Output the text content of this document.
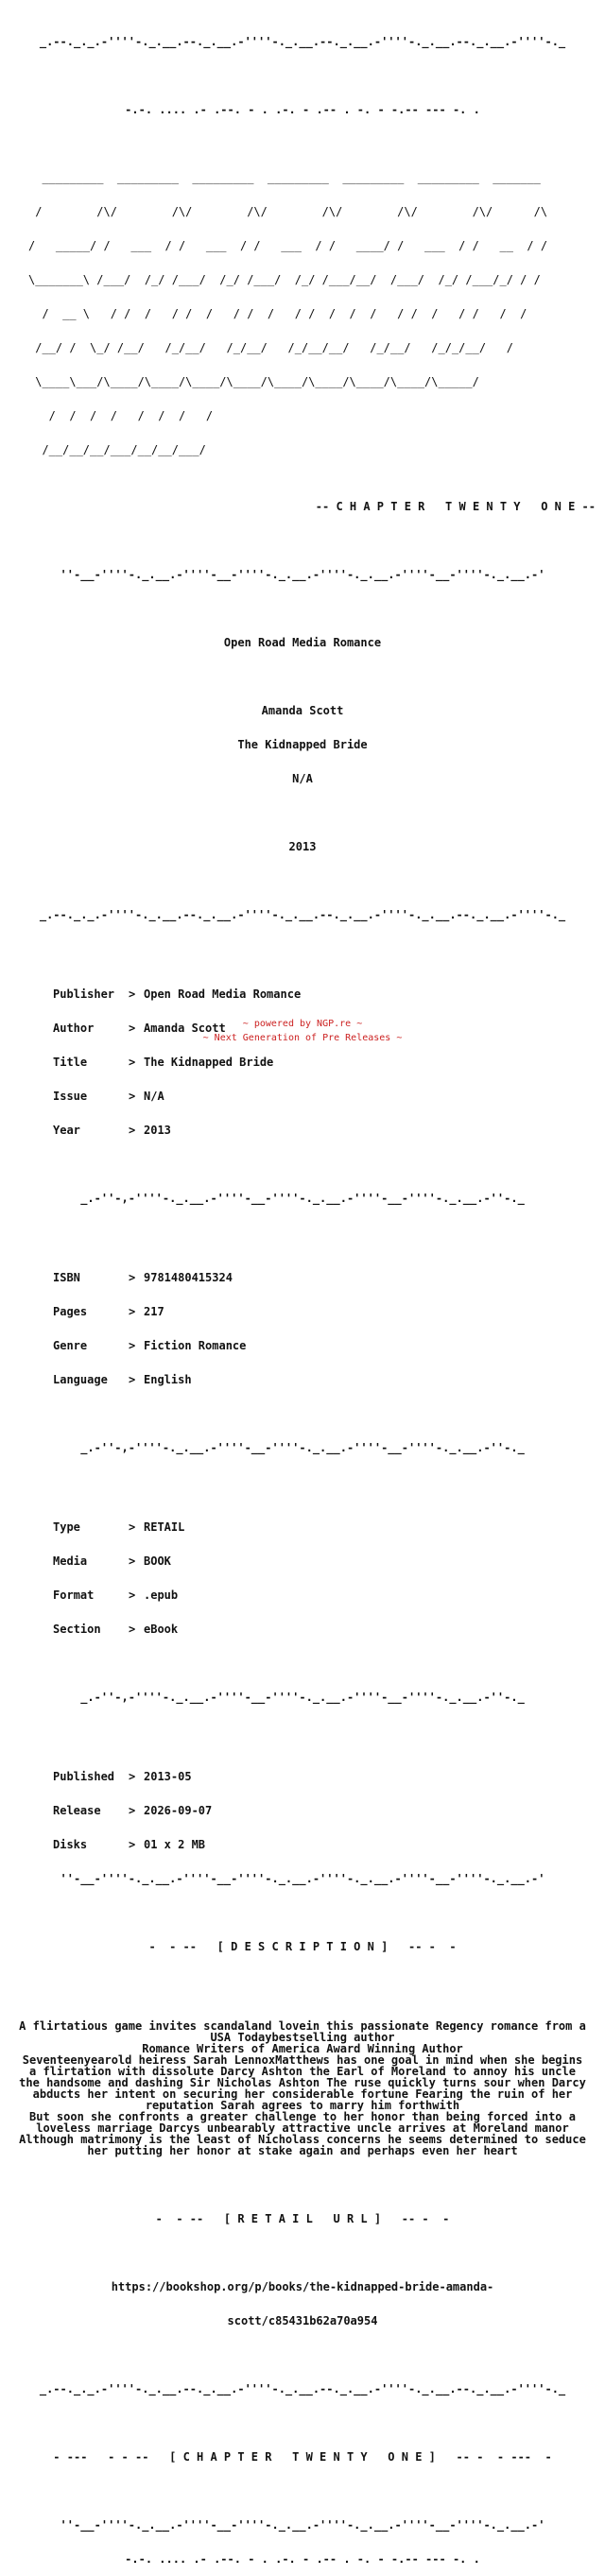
_.--._._.-''''-._.__.--._.__.-''''-._.__.--._.__.-''''-._.__.--._.__.-''''-._

-.-. .... .- .--. - . .-. - .-- . -. - -.-- --- -. .

_________  _________  _________  _________  _________  _________  _______

/        /\/        /\/        /\/        /\/        /\/        /\/      /\

/   _____/ /   ___  / /   ___  / /   ___  / /   ____/ /   ___  / /   __  / /

\_______\ /___/  /_/ /___/  /_/ /___/  /_/ /___/__/  /___/  /_/ /___/_/ / /

/  __ \   / /  /   / /  /   / /  /   / /  /  /  /   / /  /   / /   /  /

/__/ /  \_/ /__/   /_/__/   /_/__/   /_/__/__/   /_/__/   /_/_/__/   /

\____\___/\____/\____/\____/\____/\____/\____/\____/\____/\_____/

/  /  /  /   /  /  /   /

/__/__/__/___/__/__/___/

-- C H A P T E R   T W E N T Y   O N E --

''-__-''''-._.__.-''''-__-''''-._.__.-''''-._.__.-''''-__-''''-._.__.-'

Open Road Media Romance

Amanda Scott

The Kidnapped Bride

N/A

2013

_.--._._.-''''-._.__.--._.__.-''''-._.__.--._.__.-''''-._.__.--._.__.-''''-._

Publisher > Open Road Media Romance

Author	> Amanda Scott

Title	> The Kidnapped Bride

Issue	> N/A

Year	> 2013

_.-''-,-''''-._.__.-''''-__-''''-._.__.-''''-__-''''-._.__.-''-._

ISBN	> 9781480415324

Pages	> 217

Genre	> Fiction Romance

Language > English

_.-''-,-''''-._.__.-''''-__-''''-._.__.-''''-__-''''-._.__.-''-._

Type	> RETAIL

Media	> BOOK

Format	> .epub

Section > eBook

_.-''-,-''''-._.__.-''''-__-''''-._.__.-''''-__-''''-._.__.-''-._

Published > 2013-05

Release > 2026-09-07

Disks	> 01 x 2 MB

''-__-''''-._.__.-''''-__-''''-._.__.-''''-._.__.-''''-__-''''-._.__.-'

-  - --   [ D E S C R I P T I O N ]   -- -  -

A flirtatious game invites scandaland lovein this passionate Regency romance from a USA Todaybestselling author

Romance Writers of America Award Winning Author

Seventeenyearold heiress Sarah LennoxMatthews has one goal in mind when she begins a flirtation with dissolute Darcy Ashton the Earl of Moreland to annoy his uncle the handsome and dashing Sir Nicholas Ashton The ruse quickly turns sour when Darcy abducts her intent on securing her considerable fortune Fearing the ruin of her reputation Sarah agrees to marry him forthwith

But soon she confronts a greater challenge to her honor than being forced into a loveless marriage Darcys unbearably attractive uncle arrives at Moreland manor Although matrimony is the least of Nicholass concerns he seems determined to seduce her putting her honor at stake again and perhaps even her heart

-  - --   [ R E T A I L   U R L ]   -- -  -

https://bookshop.org/p/books/the-kidnapped-bride-amanda-

scott/c85431b62a70a954

_.--._._.-''''-._.__.--._.__.-''''-._.__.--._.__.-''''-._.__.--._.__.-''''-._

- ---   - - --   [ C H A P T E R   T W E N T Y   O N E ]   -- -  - ---  -

''-__-''''-._.__.-''''-__-''''-._.__.-''''-._.__.-''''-__-''''-._.__.-'

-.-. .... .- .--. - . .-. - .-- . -. - -.-- --- -. .

~ powered by NGP.re ~
~ Next Generation of Pre Releases ~
